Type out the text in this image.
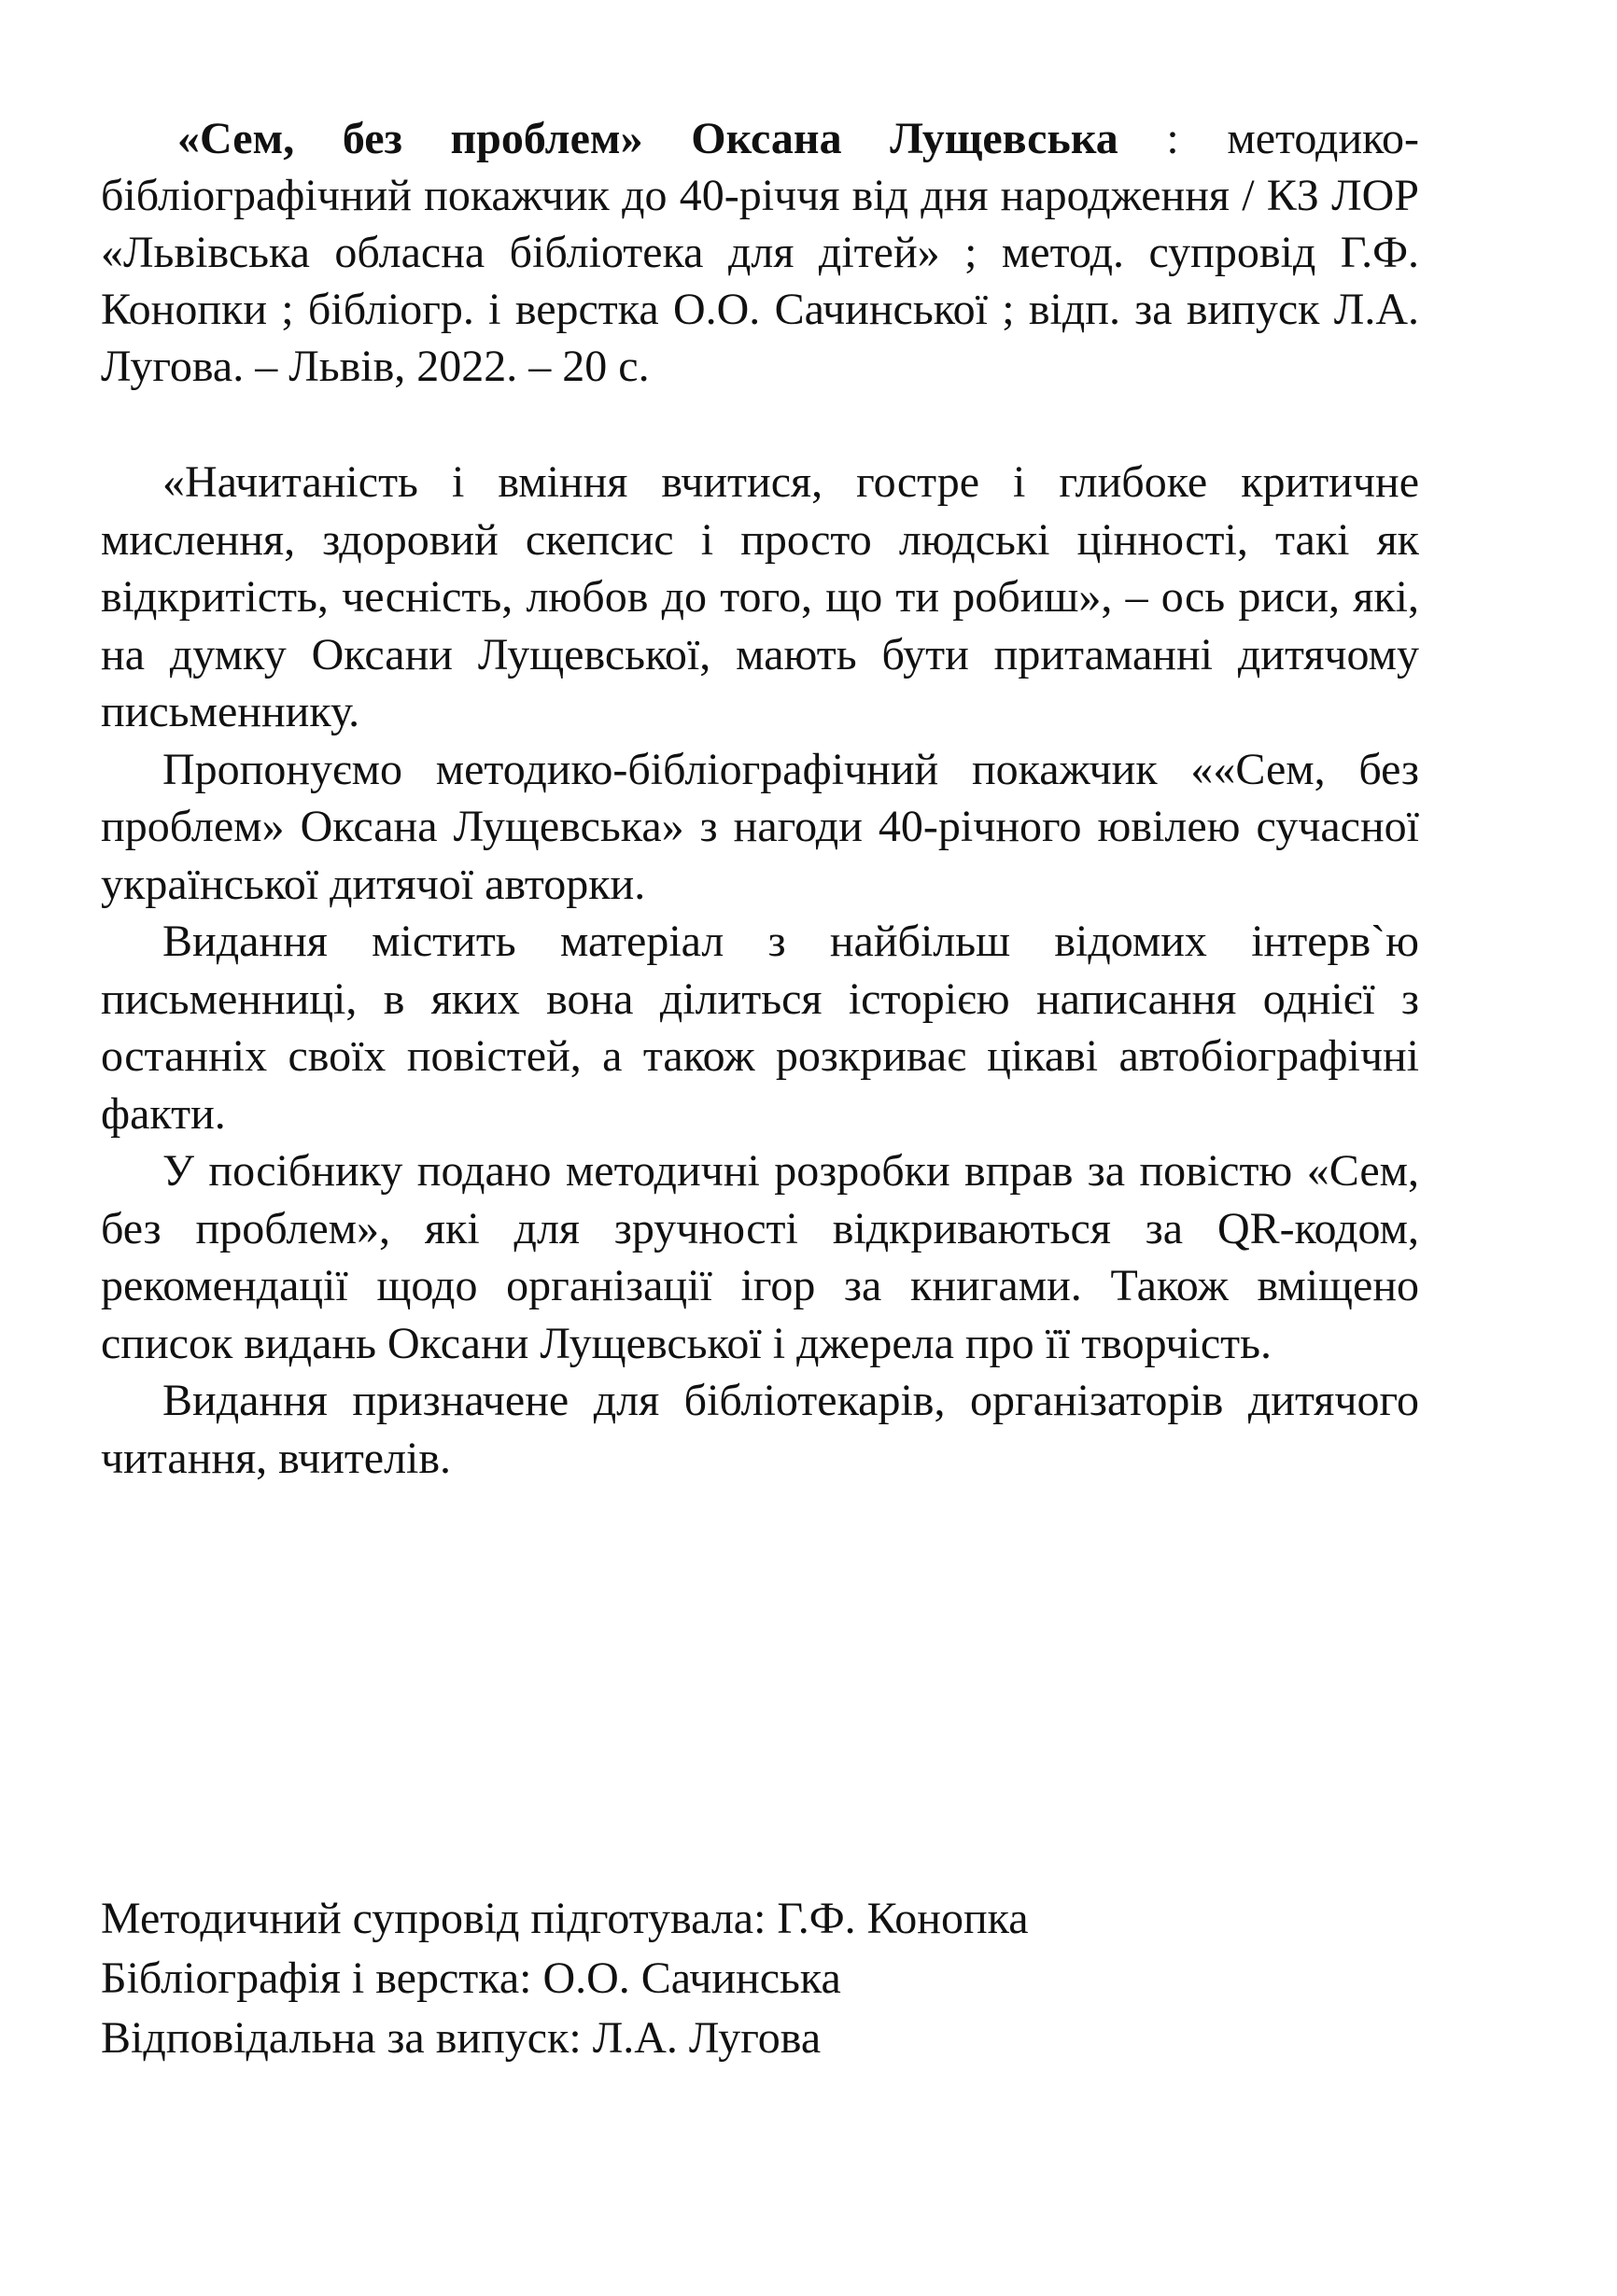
«Сем, без проблем» Оксана Лущевська : методико-бібліографічний покажчик до 40-річчя від дня народження / КЗ ЛОР «Львівська обласна бібліотека для дітей» ; метод. супровід Г.Ф. Конопки ; бібліогр. і верстка О.О. Сачинської ; відп. за випуск Л.А. Лугова. – Львів, 2022. – 20 с.

«Начитаність і вміння вчитися, гостре і глибоке критичне мислення, здоровий скепсис і просто людські цінності, такі як відкритість, чесність, любов до того, що ти робиш», – ось риси, які, на думку Оксани Лущевської, мають бути притаманні дитячому письменнику.

Пропонуємо методико-бібліографічний покажчик ««Сем, без проблем» Оксана Лущевська» з нагоди 40-річного ювілею сучасної української дитячої авторки.

Видання містить матеріал з найбільш відомих інтерв`ю письменниці, в яких вона ділиться історією написання однієї з останніх своїх повістей, а також розкриває цікаві автобіографічні факти.

У посібнику подано методичні розробки вправ за повістю «Сем, без проблем», які для зручності відкриваються за QR-кодом, рекомендації щодо організації ігор за книгами. Також вміщено список видань Оксани Лущевської і джерела про її творчість.

Видання призначене для бібліотекарів, організаторів дитячого читання, вчителів.

Методичний супровід підготувала: Г.Ф. Конопка
Бібліографія і верстка: О.О. Сачинська
Відповідальна за випуск: Л.А. Лугова
